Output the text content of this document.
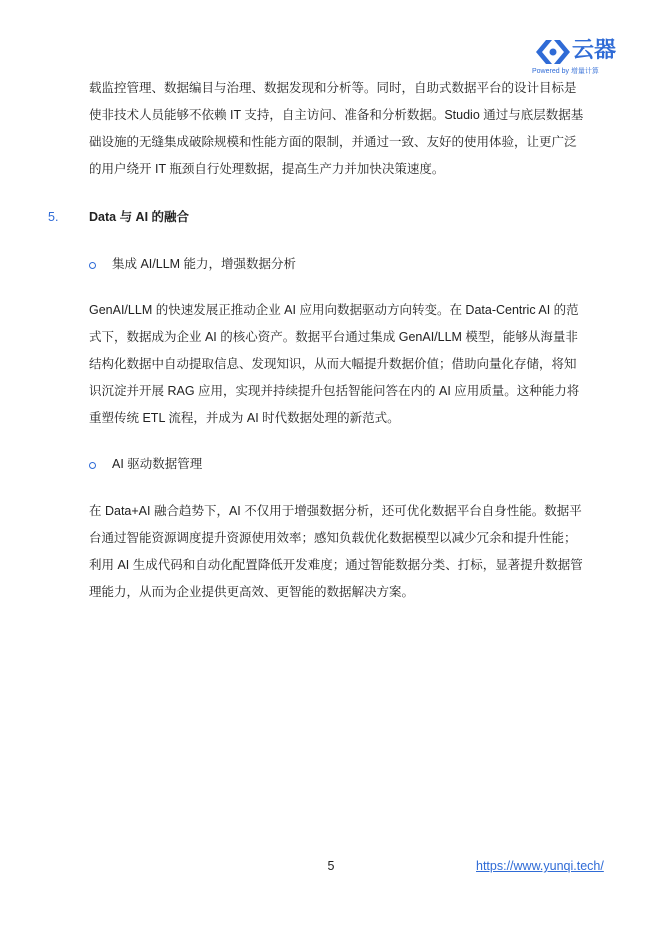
云器
Powered by 增量计算
载监控管理、数据编目与治理、数据发现和分析等。同时，自助式数据平台的设计目标是
使非技术人员能够不依赖 IT 支持，自主访问、准备和分析数据。Studio 通过与底层数据基
础设施的无缝集成破除规模和性能方面的限制，并通过一致、友好的使用体验，让更广泛
的用户绕开 IT 瓶颈自行处理数据，提高生产力并加快决策速度。
5. Data 与 AI 的融合
集成 AI/LLM 能力，增强数据分析
GenAI/LLM 的快速发展正推动企业 AI 应用向数据驱动方向转变。在 Data-Centric AI 的范
式下，数据成为企业 AI 的核心资产。数据平台通过集成 GenAI/LLM 模型，能够从海量非
结构化数据中自动提取信息、发现知识，从而大幅提升数据价值；借助向量化存储，将知
识沉淀并开展 RAG 应用，实现并持续提升包括智能问答在内的 AI 应用质量。这种能力将
重塑传统 ETL 流程，并成为 AI 时代数据处理的新范式。
AI 驱动数据管理
在 Data+AI 融合趋势下，AI 不仅用于增强数据分析，还可优化数据平台自身性能。数据平
台通过智能资源调度提升资源使用效率；感知负载优化数据模型以减少冗余和提升性能；
利用 AI 生成代码和自动化配置降低开发难度；通过智能数据分类、打标，显著提升数据管
理能力，从而为企业提供更高效、更智能的数据解决方案。
5	https://www.yunqi.tech/
